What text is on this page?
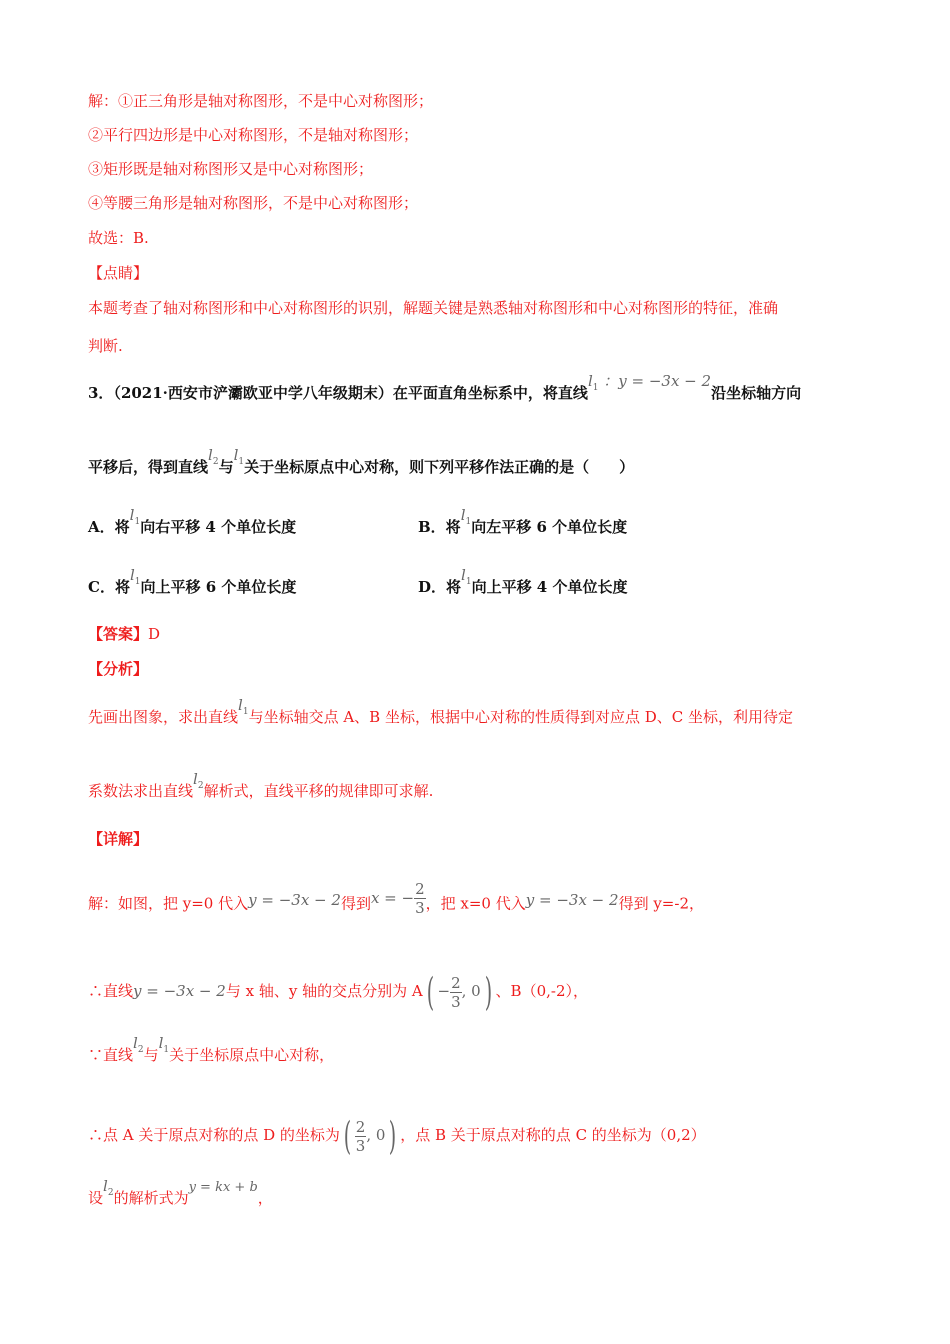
解：①正三角形是轴对称图形，不是中心对称图形；
②平行四边形是中心对称图形，不是轴对称图形；
③矩形既是轴对称图形又是中心对称图形；
④等腰三角形是轴对称图形，不是中心对称图形；
故选：B.
【点睛】
本题考查了轴对称图形和中心对称图形的识别，解题关键是熟悉轴对称图形和中心对称图形的特征，准确
判断.
3．（2021·西安市浐灞欧亚中学八年级期末）在平面直角坐标系中，将直线$l_1$ ：y = −3x − 2沿坐标轴方向
平移后，得到直线$l_2$与$l_1$关于坐标原点中心对称，则下列平移作法正确的是（　　）
A．将$l_1$向右平移 4 个单位长度	B．将$l_1$向左平移 6 个单位长度
C．将$l_1$向上平移 6 个单位长度	D．将$l_1$向上平移 4 个单位长度
【答案】D
【分析】
先画出图象，求出直线$l_1$与坐标轴交点 A、B 坐标，根据中心对称的性质得到对应点 D、C 坐标，利用待定
系数法求出直线$l_2$解析式，直线平移的规律即可求解.
【详解】
解：如图，把 y=0 代入y = −3x − 2得到x = − $\frac{2}{3}$ ，把 x=0 代入y = −3x − 2得到 y=-2，
∴直线y = −3x − 2与 x 轴、y 轴的交点分别为 $A( - \frac{2}{3}$ , 0) 、B（0,-2），
∵直线$l_2$与$l_1$关于坐标原点中心对称，
∴点 A 关于原点对称的点 D 的坐标为( $\frac{2}{3}$ , 0) ，点 B 关于原点对称的点 C 的坐标为（0,2）
设$l_2$的解析式为y = kx + b，
